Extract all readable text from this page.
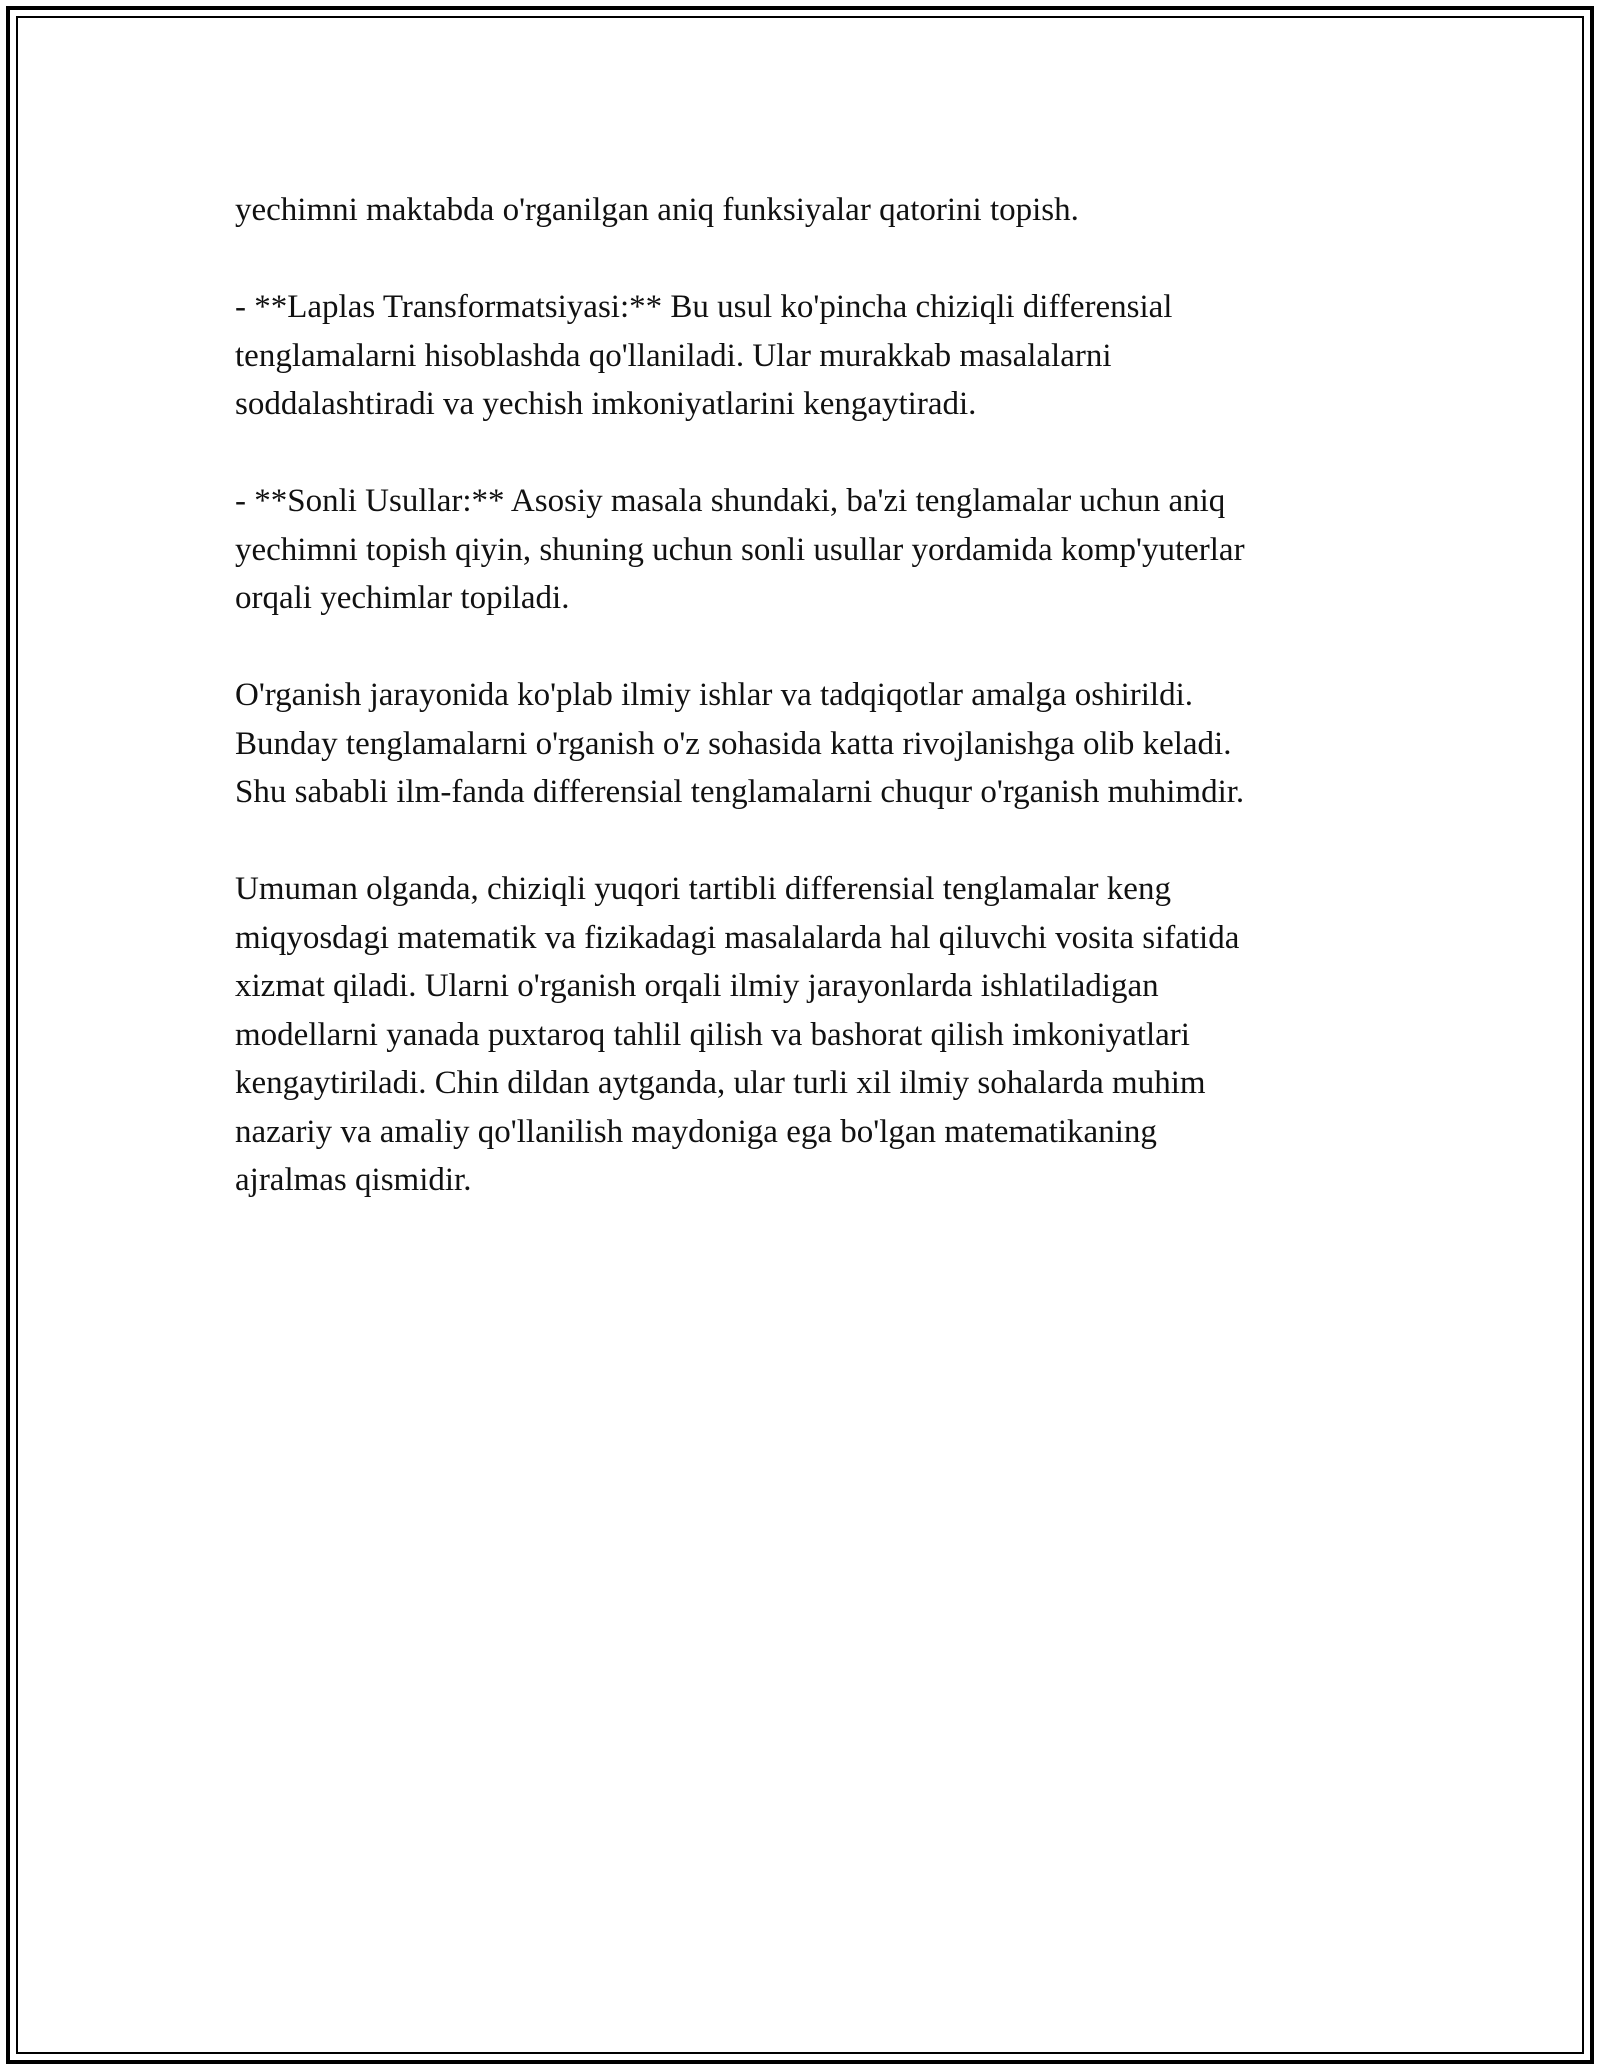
yechimni maktabda o'rganilgan aniq funksiyalar qatorini topish.

- **Laplas Transformatsiyasi:** Bu usul ko'pincha chiziqli differensial
tenglamalarni hisoblashda qo'llaniladi. Ular murakkab masalalarni
soddalashtiradi va yechish imkoniyatlarini kengaytiradi.

- **Sonli Usullar:** Asosiy masala shundaki, ba'zi tenglamalar uchun aniq
yechimni topish qiyin, shuning uchun sonli usullar yordamida komp'yuterlar
orqali yechimlar topiladi.

O'rganish jarayonida ko'plab ilmiy ishlar va tadqiqotlar amalga oshirildi.
Bunday tenglamalarni o'rganish o'z sohasida katta rivojlanishga olib keladi.
Shu sababli ilm-fanda differensial tenglamalarni chuqur o'rganish muhimdir.

Umuman olganda, chiziqli yuqori tartibli differensial tenglamalar keng
miqyosdagi matematik va fizikadagi masalalarda hal qiluvchi vosita sifatida
xizmat qiladi. Ularni o'rganish orqali ilmiy jarayonlarda ishlatiladigan
modellarni yanada puxtaroq tahlil qilish va bashorat qilish imkoniyatlari
kengaytiriladi. Chin dildan aytganda, ular turli xil ilmiy sohalarda muhim
nazariy va amaliy qo'llanilish maydoniga ega bo'lgan matematikaning
ajralmas qismidir.
